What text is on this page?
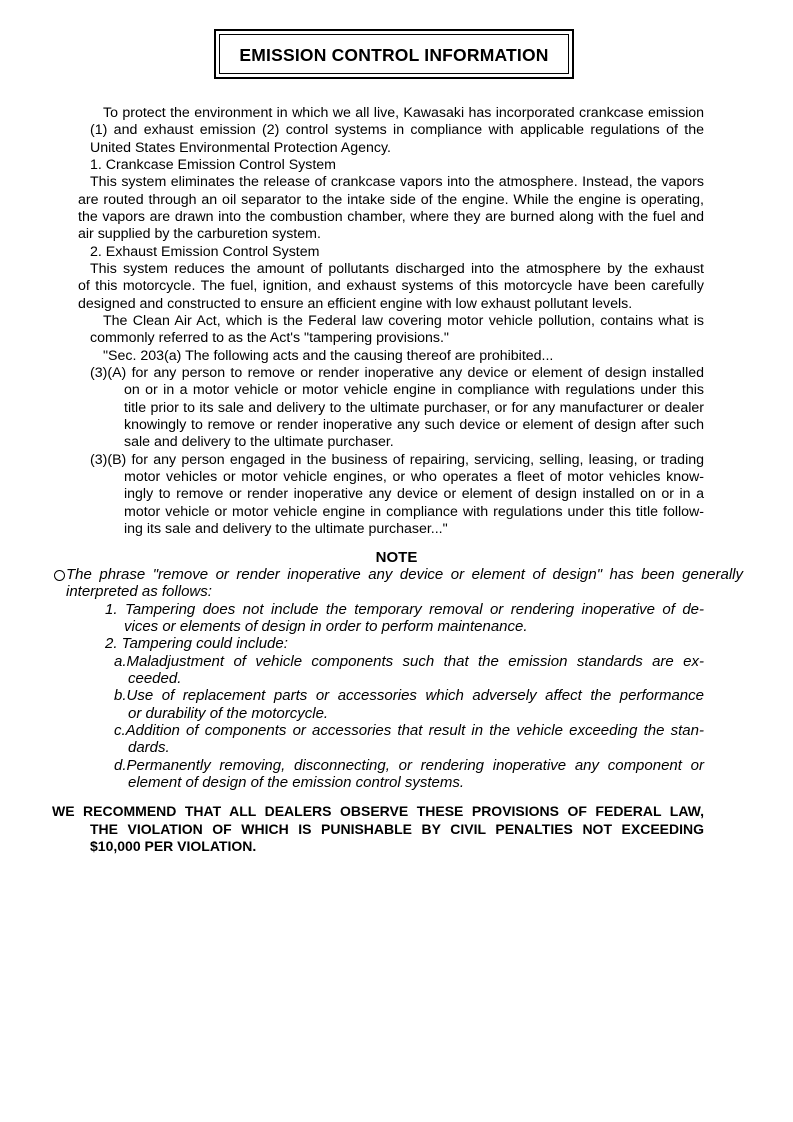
EMISSION CONTROL INFORMATION
To protect the environment in which we all live, Kawasaki has incorporated crankcase emission
(1) and exhaust emission (2) control systems in compliance with applicable regulations of the
United States Environmental Protection Agency.
1. Crankcase Emission Control System
This system eliminates the release of crankcase vapors into the atmosphere. Instead, the vapors
are routed through an oil separator to the intake side of the engine. While the engine is operating,
the vapors are drawn into the combustion chamber, where they are burned along with the fuel and
air supplied by the carburetion system.
2. Exhaust Emission Control System
This system reduces the amount of pollutants discharged into the atmosphere by the exhaust
of this motorcycle. The fuel, ignition, and exhaust systems of this motorcycle have been carefully
designed and constructed to ensure an efficient engine with low exhaust pollutant levels.
The Clean Air Act, which is the Federal law covering motor vehicle pollution, contains what is
commonly referred to as the Act's "tampering provisions."
"Sec. 203(a) The following acts and the causing thereof are prohibited...
(3)(A) for any person to remove or render inoperative any device or element of design installed
on or in a motor vehicle or motor vehicle engine in compliance with regulations under this
title prior to its sale and delivery to the ultimate purchaser, or for any manufacturer or dealer
knowingly to remove or render inoperative any such device or element of design after such
sale and delivery to the ultimate purchaser.
(3)(B) for any person engaged in the business of repairing, servicing, selling, leasing, or trading
motor vehicles or motor vehicle engines, or who operates a fleet of motor vehicles know-
ingly to remove or render inoperative any device or element of design installed on or in a
motor vehicle or motor vehicle engine in compliance with regulations under this title follow-
ing its sale and delivery to the ultimate purchaser..."
NOTE
The phrase "remove or render inoperative any device or element of design" has been generally
interpreted as follows:
1. Tampering does not include the temporary removal or rendering inoperative of de-
vices or elements of design in order to perform maintenance.
2. Tampering could include:
a.Maladjustment of vehicle components such that the emission standards are ex-
ceeded.
b.Use of replacement parts or accessories which adversely affect the performance
or durability of the motorcycle.
c.Addition of components or accessories that result in the vehicle exceeding the stan-
dards.
d.Permanently removing, disconnecting, or rendering inoperative any component or
element of design of the emission control systems.
WE RECOMMEND THAT ALL DEALERS OBSERVE THESE PROVISIONS OF FEDERAL LAW,
THE VIOLATION OF WHICH IS PUNISHABLE BY CIVIL PENALTIES NOT EXCEEDING
$10,000 PER VIOLATION.
